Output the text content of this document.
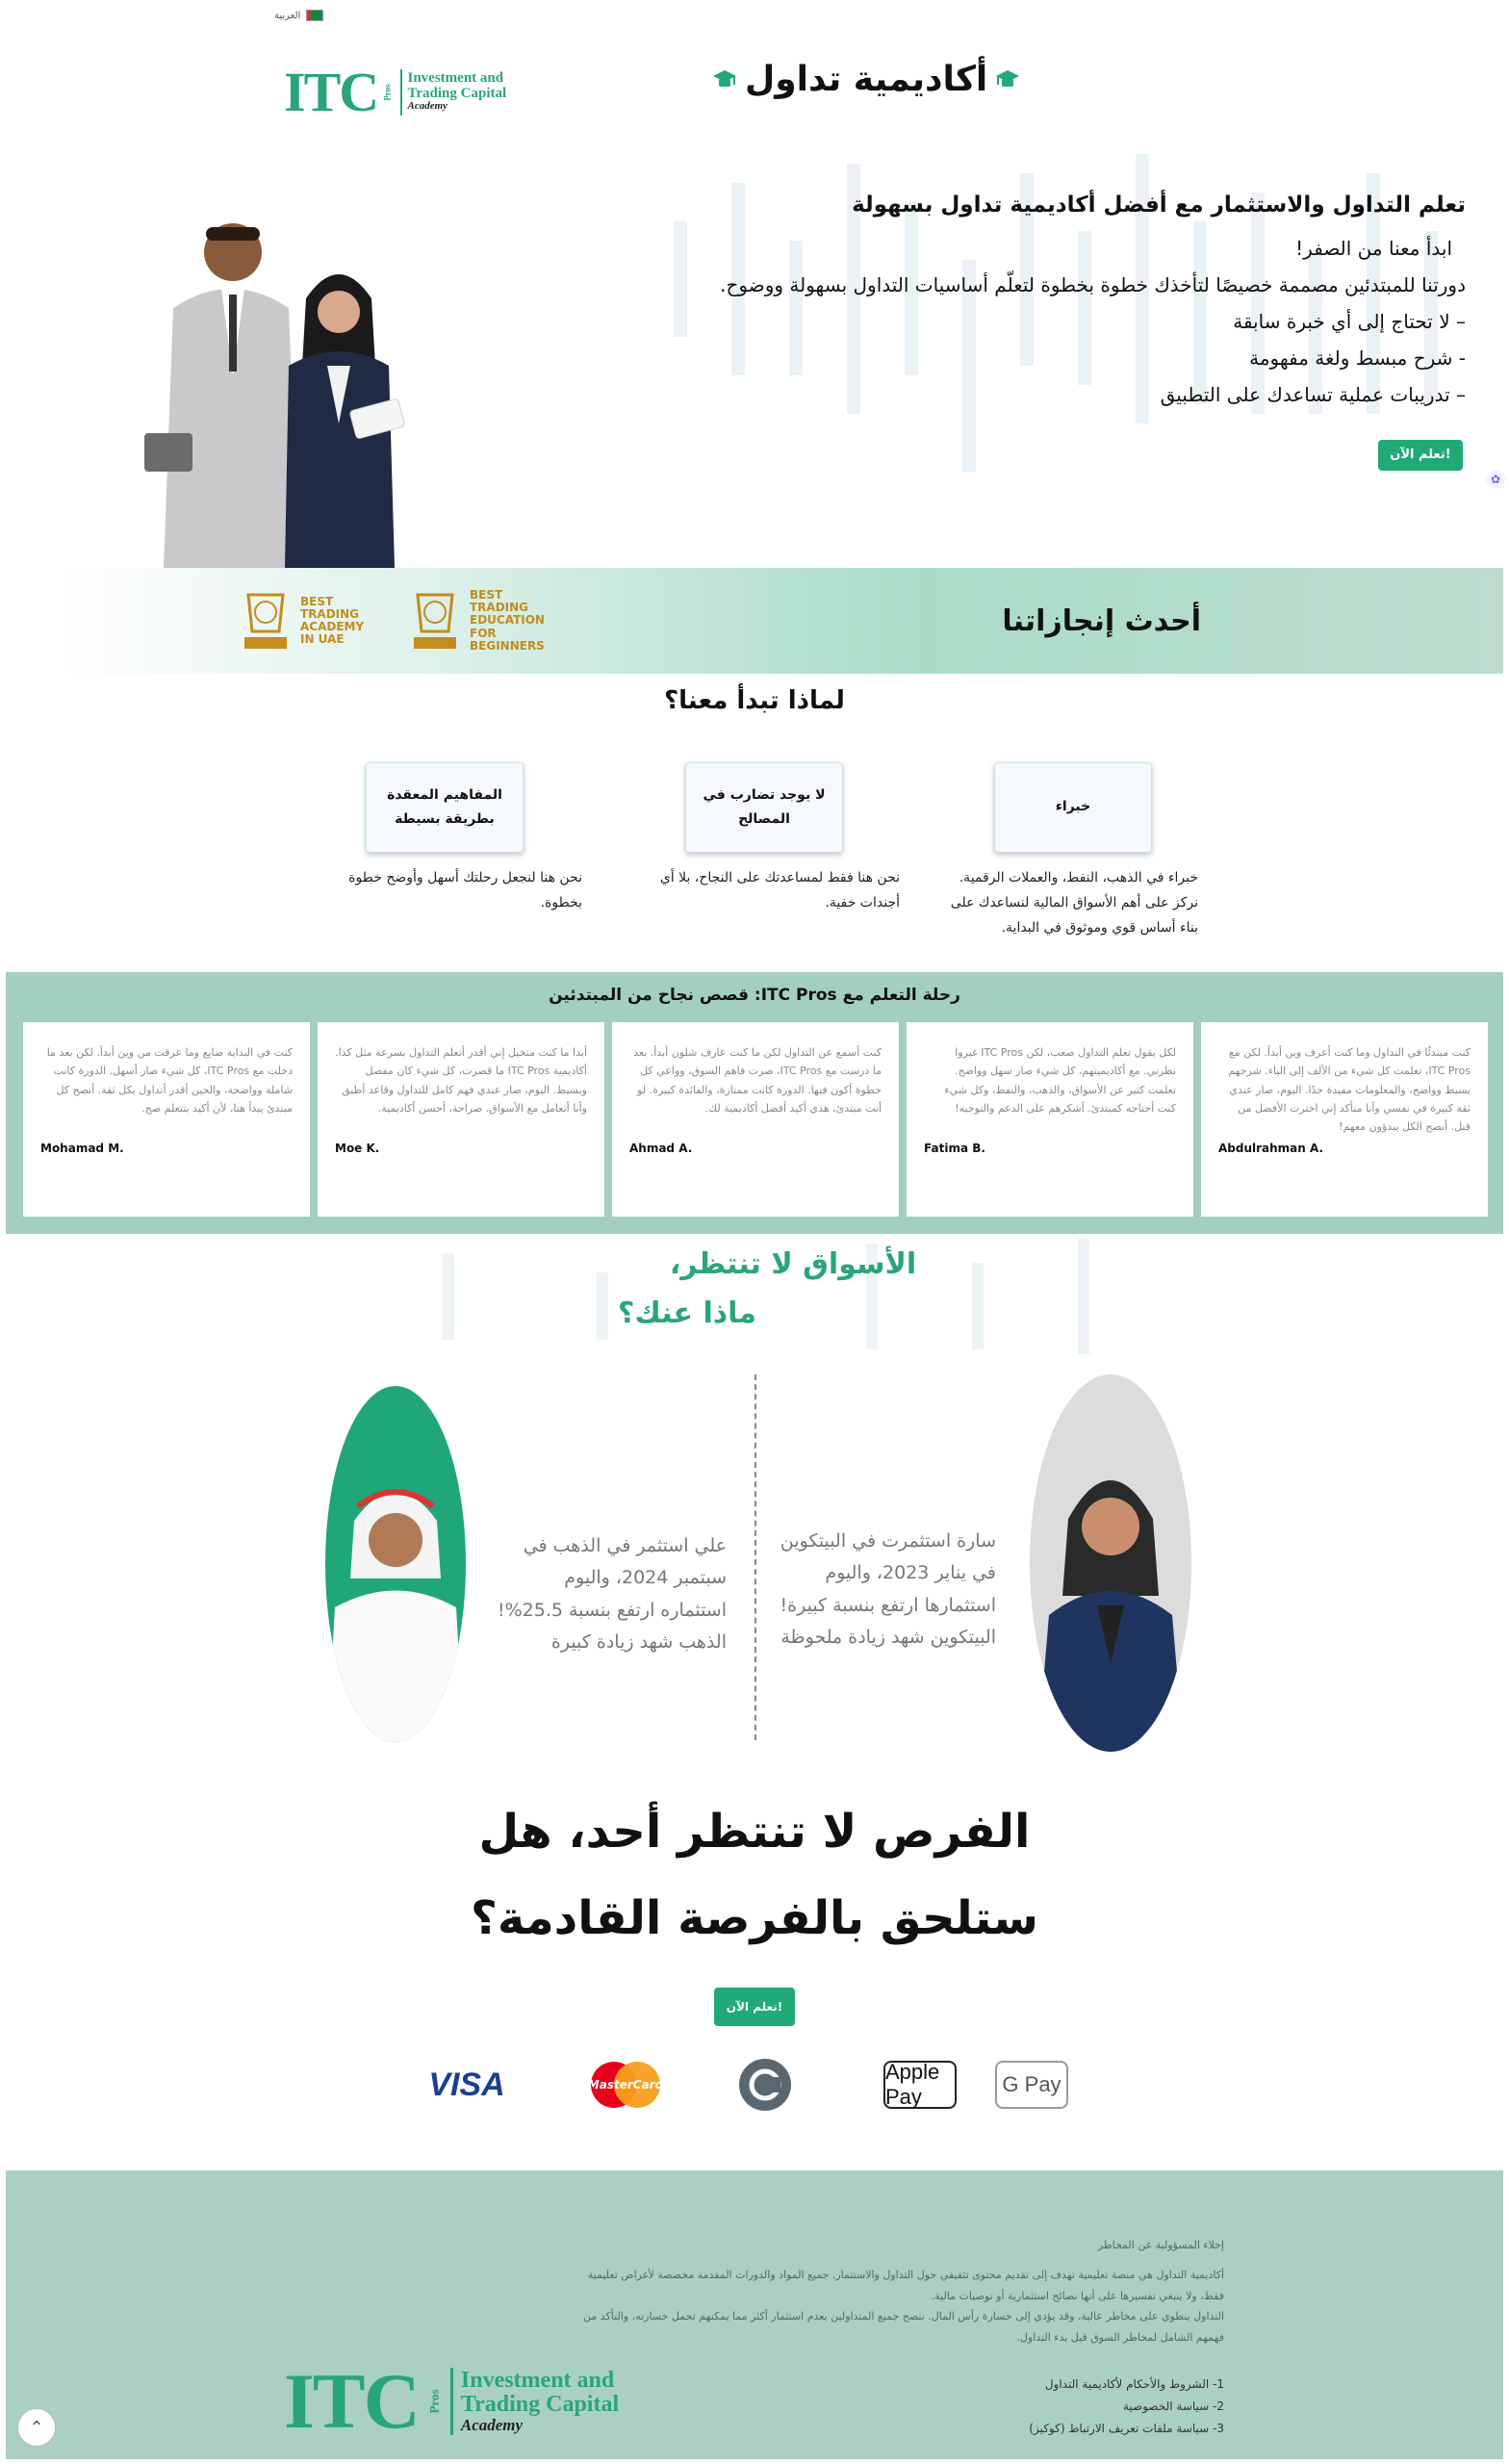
العربية
ITC Pros
Investment and
Trading Capital
Academy
أكاديمية تداول
تعلم التداول والاستثمار مع أفضل أكاديمية تداول بسهولة
ابدأ معنا من الصفر!
دورتنا للمبتدئين مصممة خصيصًا لتأخذك خطوة بخطوة لتعلّم أساسيات التداول بسهولة ووضوح.
– لا تحتاج إلى أي خبرة سابقة
- شرح مبسط ولغة مفهومة
– تدريبات عملية تساعدك على التطبيق
تعلم الآن!
✿
أحدث إنجازاتنا
BEST
TRADING
ACADEMY
IN UAE
BEST
TRADING
EDUCATION
FOR
BEGINNERS
لماذا تبدأ معنا؟
خبراء
لا يوجد تضارب في المصالح
المفاهيم المعقدة بطريقة بسيطة
خبراء في الذهب، النفط، والعملات الرقمية. نركز على أهم الأسواق المالية لنساعدك على بناء أساس قوي وموثوق في البداية.
نحن هنا فقط لمساعدتك على النجاح، بلا أي أجندات خفية.
نحن هنا لنجعل رحلتك أسهل وأوضح خطوة بخطوة.
رحلة التعلم مع ITC Pros: قصص نجاح من المبتدئين
كنت مبتدئًا في التداول وما كنت أعرف وين أبدأ. لكن مع ITC Pros، تعلمت كل شيء من الألف إلى الياء. شرحهم بسيط وواضح، والمعلومات مفيدة جدًا. اليوم، صار عندي ثقة كبيرة في نفسي وأنا متأكد إني اخترت الأفضل من قبل. أنصح الكل يبدؤون معهم!
Abdulrahman A.
لكل يقول تعلم التداول صعب، لكن ITC Pros غيروا نظرتي. مع أكاديميتهم، كل شيء صار سهل وواضح. تعلمت كثير عن الأسواق، والذهب، والنفط، وكل شيء كنت أحتاجه كمبتدئ. أشكرهم على الدعم والتوجيه!
Fatima B.
كنت أسمع عن التداول لكن ما كنت عارف شلون أبدأ. بعد ما درست مع ITC Pros، صرت فاهم السوق، وواعي كل خطوة أكون فيها. الدورة كانت ممتازة، والفائدة كبيرة. لو أنت مبتدئ، هذي أكيد أفضل أكاديمية لك.
Ahmad A.
أبدا ما كنت متخيل إني أقدر أتعلم التداول بسرعة مثل كذا. أكاديمية ITC Pros ما قصرت، كل شيء كان مفصل وبسيط. اليوم، صار عندي فهم كامل للتداول وقاعد أطبق وأنا أتعامل مع الأسواق. صراحة، أحسن أكاديمية.
Moe K.
كنت في البداية ضايع وما عرفت من وين أبدأ. لكن بعد ما دخلت مع ITC Pros، كل شيء صار أسهل. الدورة كانت شاملة وواضحة، والحين أقدر أتداول بكل ثقة. أنصح كل مبتدئ يبدأ هنا، لأن أكيد بتتعلم صح.
Mohamad M.
الأسواق لا تنتظر،
ماذا عنك؟
سارة استثمرت في البيتكوين في يناير 2023، واليوم استثمارها ارتفع بنسبة كبيرة! البيتكوين شهد زيادة ملحوظة
علي استثمر في الذهب في سبتمبر 2024، واليوم استثماره ارتفع بنسبة 25.5%! الذهب شهد زيادة كبيرة
الفرص لا تنتظر أحد، هل
ستلحق بالفرصة القادمة؟
تعلم الآن!
VISA	MasterCard
Apple Pay
G Pay
إخلاء المسؤولية عن المخاطر
أكاديمية التداول هي منصة تعليمية تهدف إلى تقديم محتوى تثقيفي حول التداول والاستثمار. جميع المواد والدورات المقدمة مخصصة لأغراض تعليمية
فقط، ولا ينبغي تفسيرها على أنها نصائح استثمارية أو توصيات مالية.
التداول ينطوي على مخاطر عالية، وقد يؤدي إلى خسارة رأس المال. ننصح جميع المتداولين بعدم استثمار أكثر مما يمكنهم تحمل خسارته، والتأكد من
فهمهم الشامل لمخاطر السوق قبل بدء التداول.
1- الشروط والأحكام لأكاديمية التداول
2- سياسة الخصوصية
3- سياسة ملفات تعريف الارتباط (كوكيز)
ITC Pros
Investment and
Trading Capital
Academy
⌃
